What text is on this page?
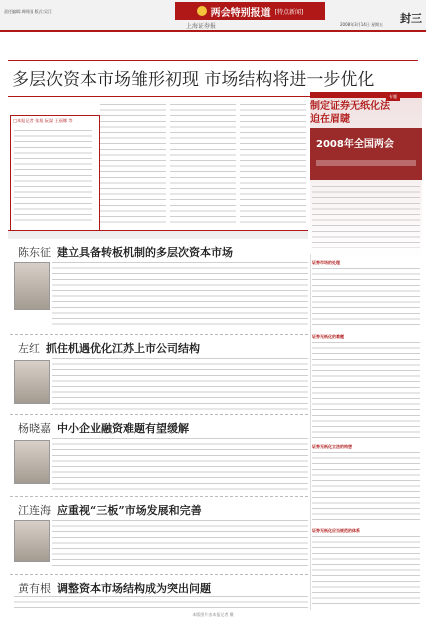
责任编辑:周明国 版式:吴江	两会特别报道 [特点新闻]
上海证券报	2008年3月14日 星期五 封三
多层次资本市场雏形初现 市场结构将进一步优化
□本报记者 张旭 阮谋 王丽娜 等
制定证券无纸化法
迫在眉睫
2008年全国两会
专题
陈东征 建立具备转板机制的多层次资本市场
左红 抓住机遇优化江苏上市公司结构
杨晓嘉 中小企业融资难题有望缓解
江连海 应重视“三板”市场发展和完善
黄有根 调整资本市场结构成为突出问题
证券市场的处理
证券无纸化的难题
证券无纸化立法的构想
证券无纸化应当规范的体系
本版图片由本报记者 摄
